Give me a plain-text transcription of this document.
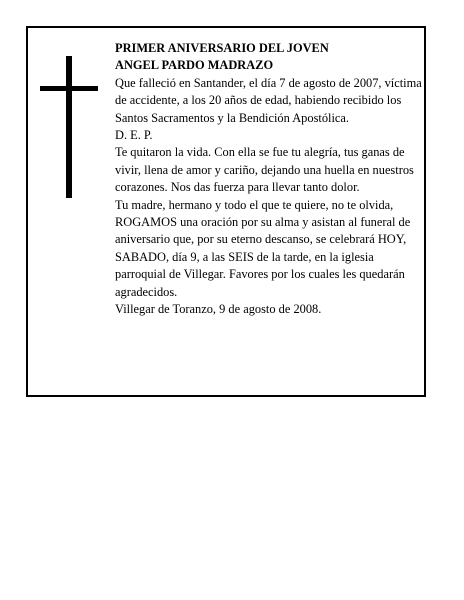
PRIMER ANIVERSARIO DEL JOVEN
ANGEL PARDO MADRAZO
Que falleció en Santander, el día 7 de agosto de 2007, víctima
de accidente, a los 20 años de edad, habiendo recibido los Santos Sacramentos y la Bendición Apostólica.
D. E. P.
Te quitaron la vida. Con ella se fue tu alegría, tus ganas de vivir, llena de amor y cariño, dejando una huella en nuestros corazones. Nos das fuerza para llevar tanto dolor.
Tu madre, hermano y todo el que te quiere, no te olvida,
ROGAMOS una oración por su alma y asistan al funeral de aniversario que, por su eterno descanso, se celebrará HOY, SABADO, día 9, a las SEIS de la tarde, en la iglesia parroquial de Villegar. Favores por los cuales les quedarán agradecidos.
Villegar de Toranzo, 9 de agosto de 2008.
